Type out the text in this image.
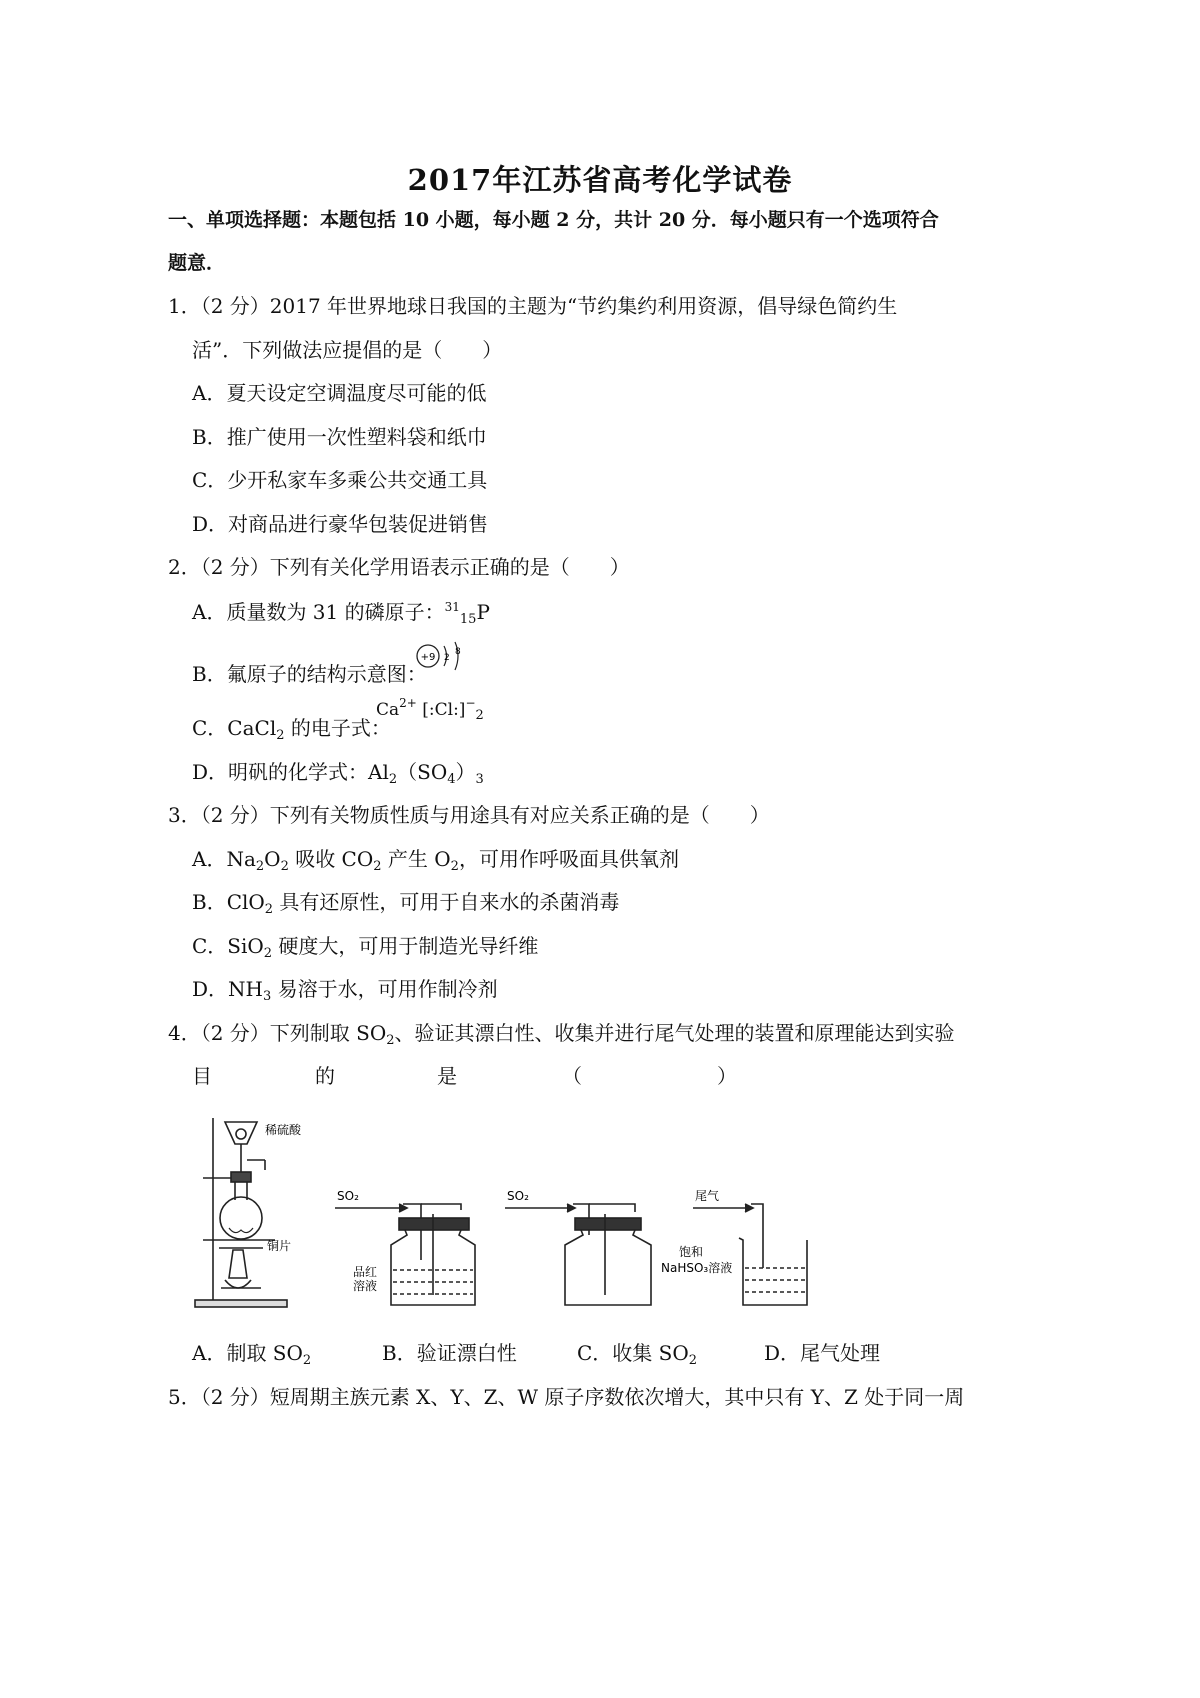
2017年江苏省高考化学试卷
一、单项选择题：本题包括 10 小题，每小题 2 分，共计 20 分．每小题只有一个选项符合
题意．
1．（2 分）2017 年世界地球日我国的主题为“节约集约利用资源，倡导绿色简约生
活”．下列做法应提倡的是（　　）
A．夏天设定空调温度尽可能的低
B．推广使用一次性塑料袋和纸巾
C．少开私家车多乘公共交通工具
D．对商品进行豪华包装促进销售
2．（2 分）下列有关化学用语表示正确的是（　　）
A．质量数为 31 的磷原子：$^{31}_{15}$P
B．氟原子的结构示意图：
+9 2
8
C．CaCl$_2$ 的电子式：
$Ca^{2+}$ $[:Cl:]^-_2$
D．明矾的化学式：$Al_2(SO_4)_3$
3．（2 分）下列有关物质性质与用途具有对应关系正确的是（　　）
A．$Na_2O_2$ 吸收 $CO_2$ 产生 $O_2$，可用作呼吸面具供氧剂
B．ClO$_2$ 具有还原性，可用于自来水的杀菌消毒
C．SiO$_2$ 硬度大，可用于制造光导纤维
D．$NH_3$ 易溶于水，可用作制冷剂
4．（2 分）下列制取 $SO_2$、验证其漂白性、收集并进行尾气处理的装置和原理能达到实验
目	的	是	（	）
稀硫酸
铜片
SO₂	SO₂
品红
溶液
尾气
饱和
NaHSO₃溶液
A．制取 $SO_2$	B．验证漂白性	C．收集 $SO_2$	D．尾气处理
5．（2 分）短周期主族元素 X、Y、Z、W 原子序数依次增大，其中只有 Y、Z 处于同一周
